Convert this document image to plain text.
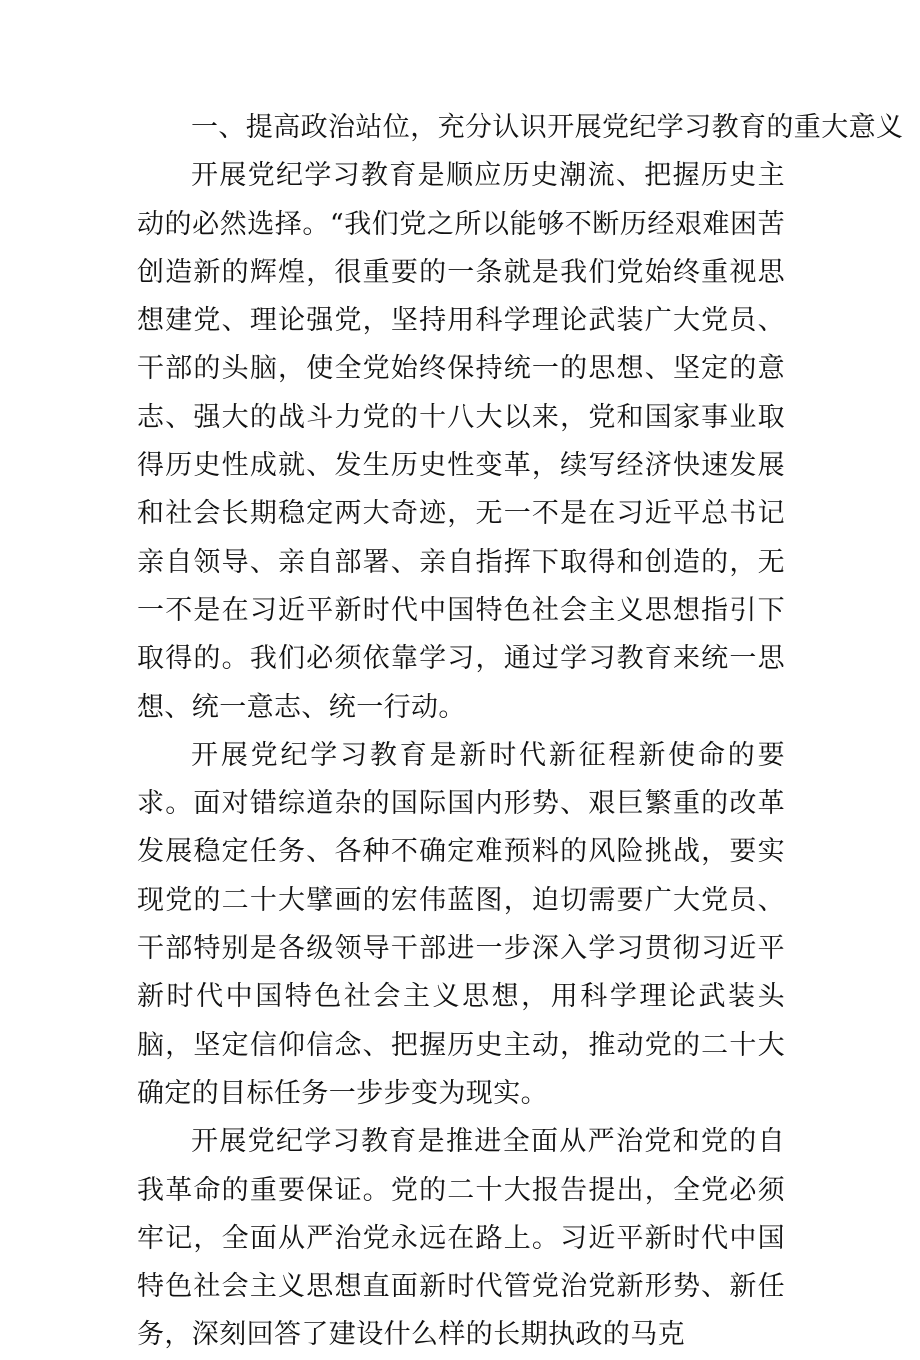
一、提高政治站位，充分认识开展党纪学习教育的重大意义

开展党纪学习教育是顺应历史潮流、把握历史主动的必然选择。“我们党之所以能够不断历经艰难困苦创造新的辉煌，很重要的一条就是我们党始终重视思想建党、理论强党，坚持用科学理论武装广大党员、干部的头脑，使全党始终保持统一的思想、坚定的意志、强大的战斗力党的十八大以来，党和国家事业取得历史性成就、发生历史性变革，续写经济快速发展和社会长期稳定两大奇迹，无一不是在习近平总书记亲自领导、亲自部署、亲自指挥下取得和创造的，无一不是在习近平新时代中国特色社会主义思想指引下取得的。我们必须依靠学习，通过学习教育来统一思想、统一意志、统一行动。

开展党纪学习教育是新时代新征程新使命的要求。面对错综道杂的国际国内形势、艰巨繁重的改革发展稳定任务、各种不确定难预料的风险挑战，要实现党的二十大擘画的宏伟蓝图，迫切需要广大党员、干部特别是各级领导干部进一步深入学习贯彻习近平新时代中国特色社会主义思想，用科学理论武装头脑，坚定信仰信念、把握历史主动，推动党的二十大确定的目标任务一步步变为现实。

开展党纪学习教育是推进全面从严治党和党的自我革命的重要保证。党的二十大报告提出，全党必须牢记，全面从严治党永远在路上。习近平新时代中国特色社会主义思想直面新时代管党治党新形势、新任务，深刻回答了建设什么样的长期执政的马克
